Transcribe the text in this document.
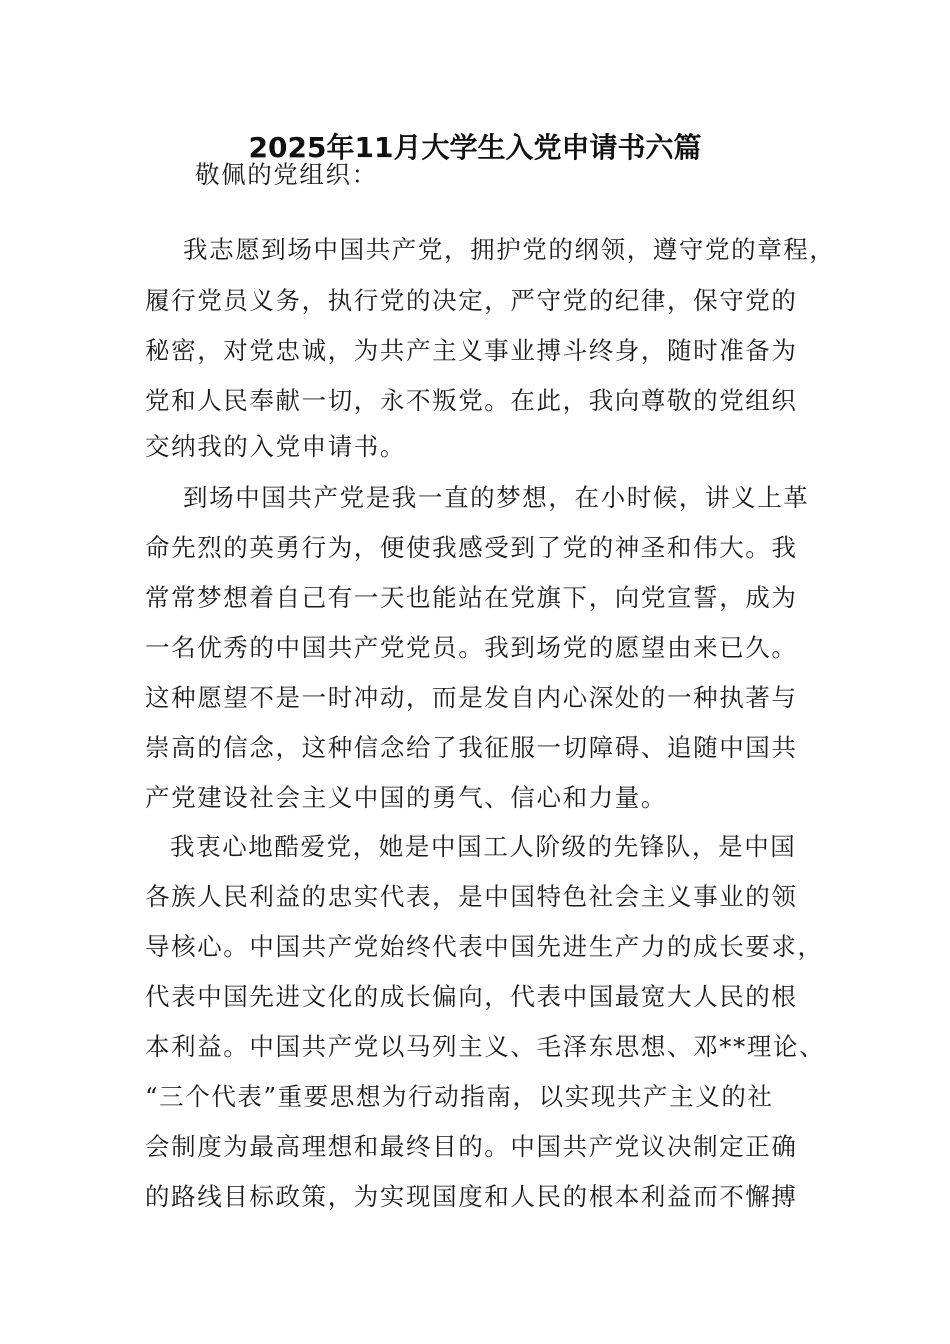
2025年11月大学生入党申请书六篇
敬佩的党组织：
我志愿到场中国共产党，拥护党的纲领，遵守党的章程，
履行党员义务，执行党的决定，严守党的纪律，保守党的
秘密，对党忠诚，为共产主义事业搏斗终身，随时准备为
党和人民奉献一切，永不叛党。在此，我向尊敬的党组织
交纳我的入党申请书。
到场中国共产党是我一直的梦想，在小时候，讲义上革
命先烈的英勇行为，便使我感受到了党的神圣和伟大。我
常常梦想着自己有一天也能站在党旗下，向党宣誓，成为
一名优秀的中国共产党党员。我到场党的愿望由来已久。
这种愿望不是一时冲动，而是发自内心深处的一种执著与
崇高的信念，这种信念给了我征服一切障碍、追随中国共
产党建设社会主义中国的勇气、信心和力量。
我衷心地酷爱党，她是中国工人阶级的先锋队，是中国
各族人民利益的忠实代表，是中国特色社会主义事业的领
导核心。中国共产党始终代表中国先进生产力的成长要求，
代表中国先进文化的成长偏向，代表中国最宽大人民的根
本利益。中国共产党以马列主义、毛泽东思想、邓**理论、
“三个代表”重要思想为行动指南，以实现共产主义的社
会制度为最高理想和最终目的。中国共产党议决制定正确
的路线目标政策，为实现国度和人民的根本利益而不懈搏
